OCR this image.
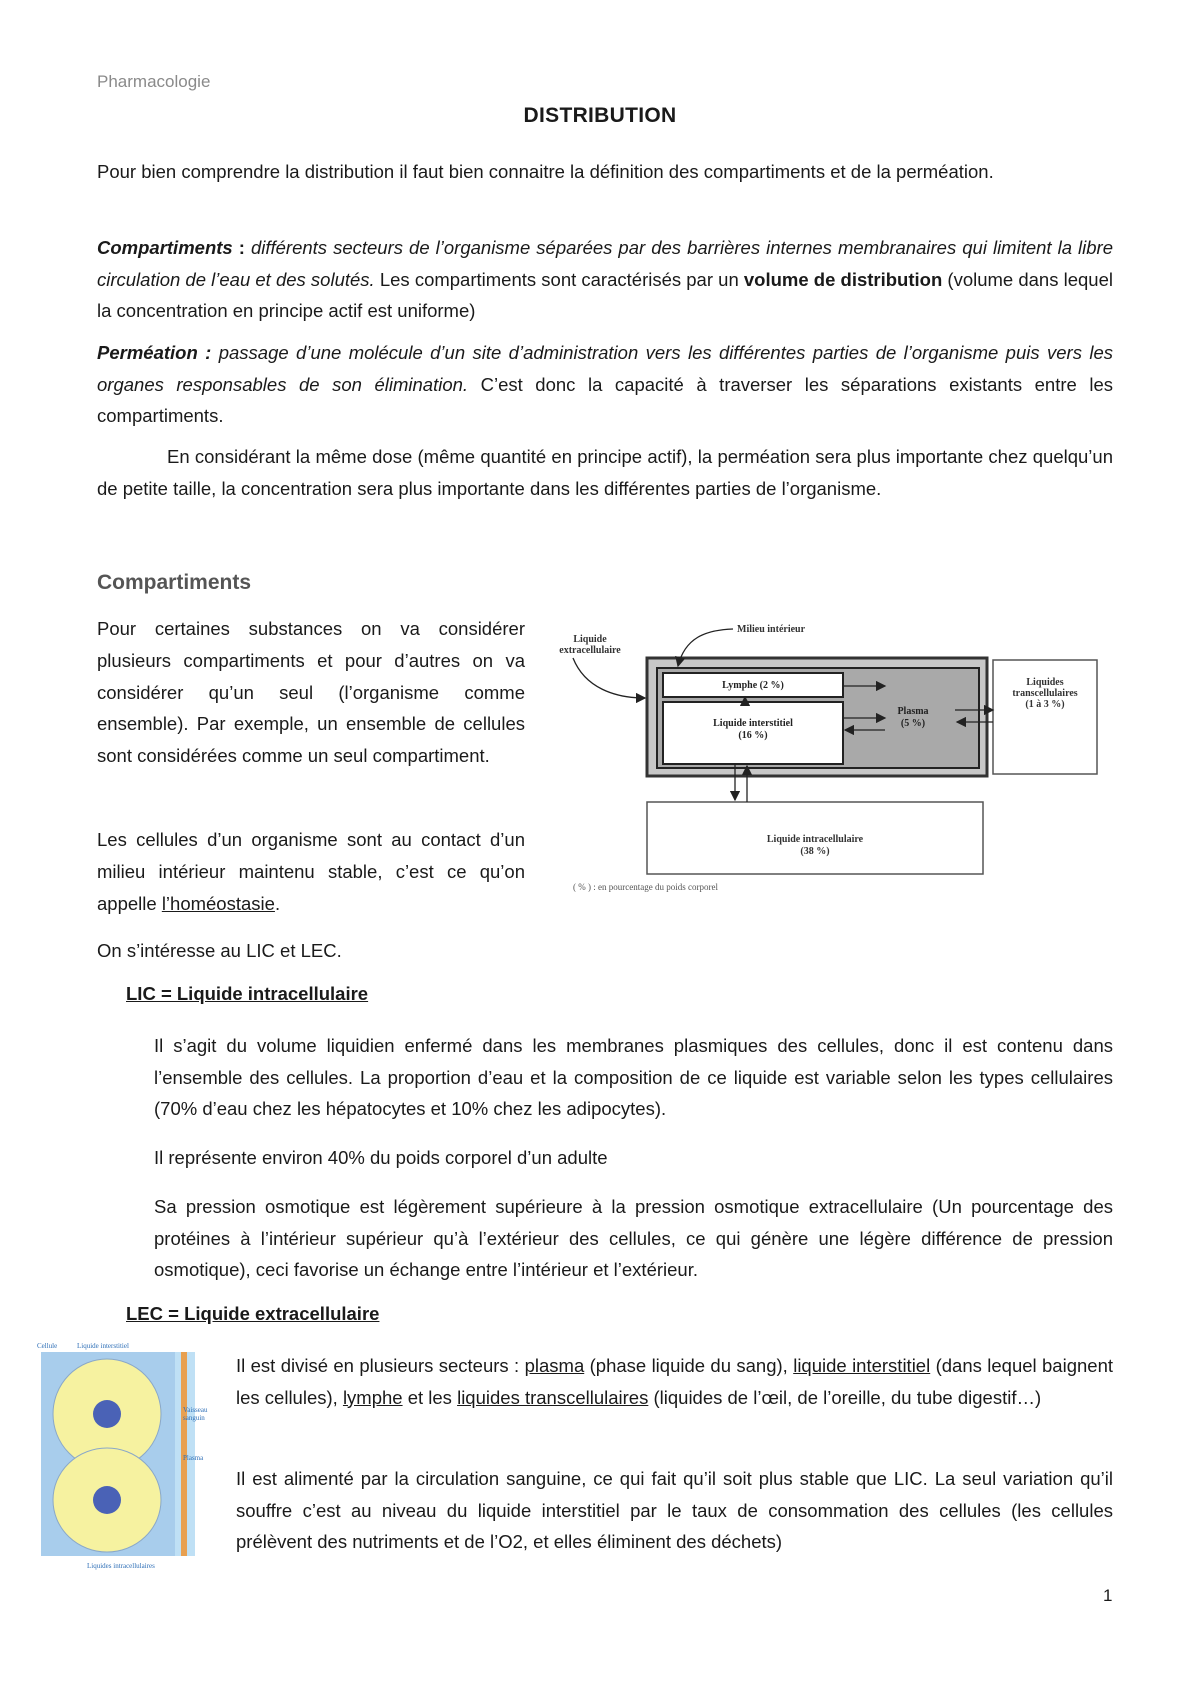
Pharmacologie
DISTRIBUTION

Pour bien comprendre la distribution il faut bien connaitre la définition des compartiments et de la perméation.

Compartiments : différents secteurs de l’organisme séparées par des barrières internes membranaires qui limitent la libre circulation de l’eau et des solutés. Les compartiments sont caractérisés par un volume de distribution (volume dans lequel la concentration en principe actif est uniforme)

Perméation : passage d’une molécule d’un site d’administration vers les différentes parties de l’organisme puis vers les organes responsables de son élimination. C’est donc la capacité à traverser les séparations existants entre les compartiments.

En considérant la même dose (même quantité en principe actif), la perméation sera plus importante chez quelqu’un de petite taille, la concentration sera plus importante dans les différentes parties de l’organisme.

Compartiments

Pour certaines substances on va considérer plusieurs compartiments et pour d’autres on va considérer qu’un seul (l’organisme comme ensemble). Par exemple, un ensemble de cellules sont considérées comme un seul compartiment.

Les cellules d’un organisme sont au contact d’un milieu intérieur maintenu stable, c’est ce qu’on appelle l’homéostasie.

On s’intéresse au LIC et LEC.

Milieu intérieur
Liquide
extracellulaire
Lymphe (2 %)
Liquide interstitiel
(16 %)
Plasma
(5 %)
Liquides
transcellulaires
(1 à 3 %)
Liquide intracellulaire
(38 %)
( % ) : en pourcentage du poids corporel
LIC = Liquide intracellulaire

Il s’agit du volume liquidien enfermé dans les membranes plasmiques des cellules, donc il est contenu dans l’ensemble des cellules. La proportion d’eau et la composition de ce liquide est variable selon les types cellulaires (70% d’eau chez les hépatocytes et 10% chez les adipocytes).

Il représente environ 40% du poids corporel d’un adulte

Sa pression osmotique est légèrement supérieure à la pression osmotique extracellulaire (Un pourcentage des protéines à l’intérieur supérieur qu’à l’extérieur des cellules, ce qui génère une légère différence de pression osmotique), ceci favorise un échange entre l’intérieur et l’extérieur.

LEC = Liquide extracellulaire
Cellule	Liquide interstitiel
Vaisseau
sanguin
Plasma
Liquides intracellulaires

Il est divisé en plusieurs secteurs : plasma (phase liquide du sang), liquide interstitiel (dans lequel baignent les cellules), lymphe et les liquides transcellulaires (liquides de l’œil, de l’oreille, du tube digestif…)

Il est alimenté par la circulation sanguine, ce qui fait qu’il soit plus stable que LIC. La seul variation qu’il souffre c’est au niveau du liquide interstitiel par le taux de consommation des cellules (les cellules prélèvent des nutriments et de l’O2, et elles éliminent des déchets)

1
